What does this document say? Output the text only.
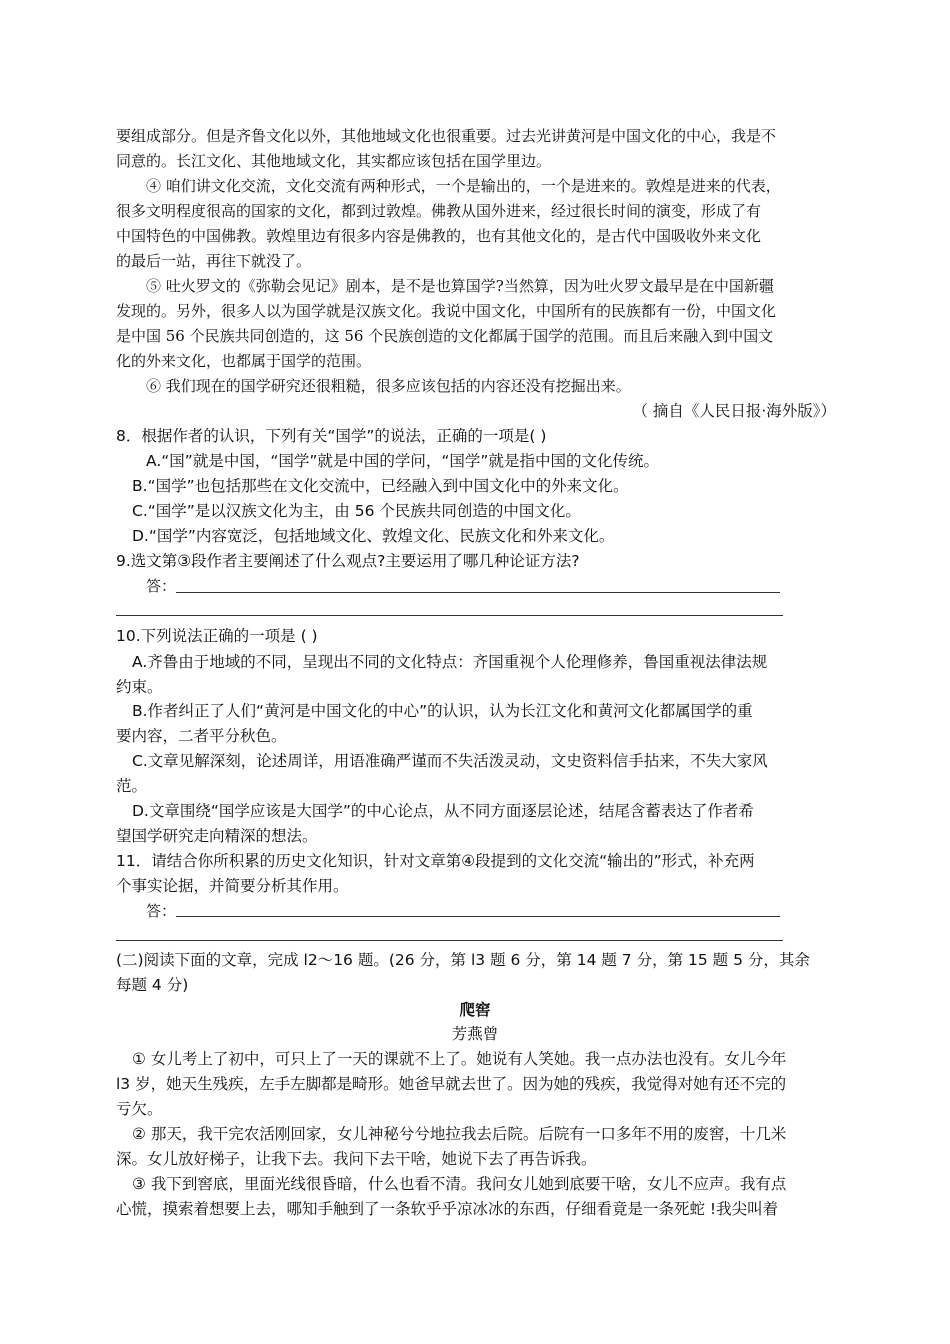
要组成部分。但是齐鲁文化以外，其他地域文化也很重要。过去光讲黄河是中国文化的中心，我是不
同意的。长江文化、其他地域文化，其实都应该包括在国学里边。
④ 咱们讲文化交流，文化交流有两种形式，一个是输出的，一个是进来的。敦煌是进来的代表，
很多文明程度很高的国家的文化，都到过敦煌。佛教从国外进来，经过很长时间的演变，形成了有
中国特色的中国佛教。敦煌里边有很多内容是佛教的，也有其他文化的，是古代中国吸收外来文化
的最后一站，再往下就没了。
⑤ 吐火罗文的《弥勒会见记》剧本，是不是也算国学?当然算，因为吐火罗文最早是在中国新疆
发现的。另外，很多人以为国学就是汉族文化。我说中国文化，中国所有的民族都有一份，中国文化
是中国 56 个民族共同创造的，这 56 个民族创造的文化都属于国学的范围。而且后来融入到中国文
化的外来文化，也都属于国学的范围。
⑥ 我们现在的国学研究还很粗糙，很多应该包括的内容还没有挖掘出来。
（ 摘自《人民日报·海外版》）
8．根据作者的认识，下列有关“国学”的说法，正确的一项是( )
A.“国”就是中国，“国学”就是中国的学问，“国学”就是指中国的文化传统。
B.“国学”也包括那些在文化交流中，已经融入到中国文化中的外来文化。
C.“国学”是以汉族文化为主，由 56 个民族共同创造的中国文化。
D.“国学”内容宽泛，包括地域文化、敦煌文化、民族文化和外来文化。
9.选文第③段作者主要阐述了什么观点?主要运用了哪几种论证方法?
答：
10.下列说法正确的一项是 ( )
A.齐鲁由于地域的不同，呈现出不同的文化特点：齐国重视个人伦理修养，鲁国重视法律法规
约束。
B.作者纠正了人们“黄河是中国文化的中心”的认识，认为长江文化和黄河文化都属国学的重
要内容，二者平分秋色。
C.文章见解深刻，论述周详，用语准确严谨而不失活泼灵动，文史资料信手拈来，不失大家风
范。
D.文章围绕“国学应该是大国学”的中心论点，从不同方面逐层论述，结尾含蓄表达了作者希
望国学研究走向精深的想法。
11．请结合你所积累的历史文化知识，针对文章第④段提到的文化交流“输出的”形式，补充两
个事实论据，并简要分析其作用。
答：
(二)阅读下面的文章，完成 l2～16 题。(26 分，第 l3 题 6 分，第 14 题 7 分，第 15 题 5 分，其余
每题 4 分)
爬窖
芳燕曾
① 女儿考上了初中，可只上了一天的课就不上了。她说有人笑她。我一点办法也没有。女儿今年
l3 岁，她天生残疾，左手左脚都是畸形。她爸早就去世了。因为她的残疾，我觉得对她有还不完的
亏欠。
② 那天，我干完农活刚回家，女儿神秘兮兮地拉我去后院。后院有一口多年不用的废窖，十几米
深。女儿放好梯子，让我下去。我问下去干啥，她说下去了再告诉我。
③ 我下到窖底，里面光线很昏暗，什么也看不清。我问女儿她到底要干啥，女儿不应声。我有点
心慌，摸索着想要上去，哪知手触到了一条软乎乎凉冰冰的东西，仔细看竟是一条死蛇 !我尖叫着
